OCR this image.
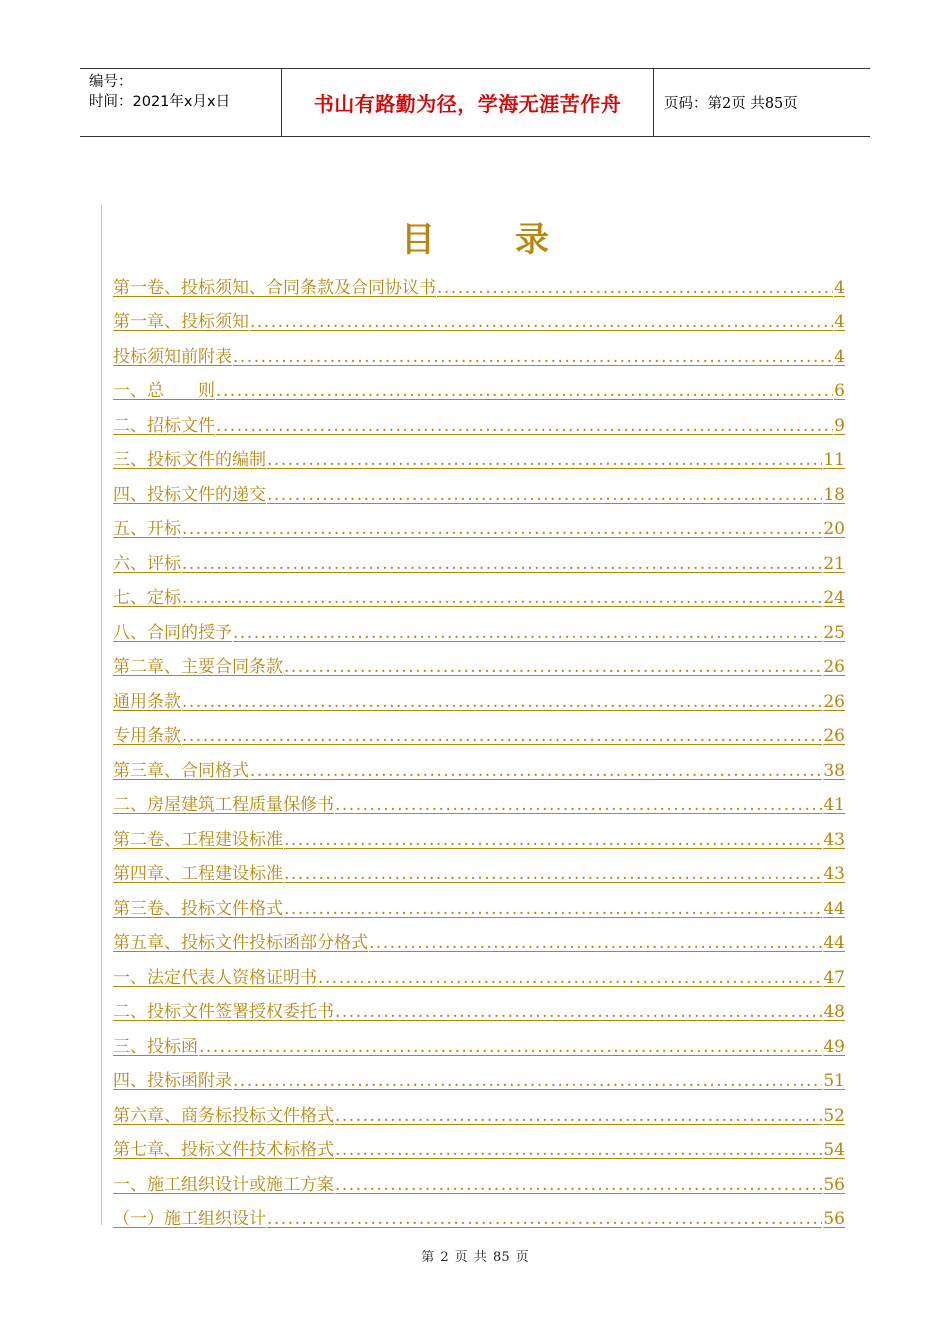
编号：
时间：2021年x月x日	书山有路勤为径，学海无涯苦作舟	页码：第2页 共85页
目录
第一卷、投标须知、合同条款及合同协议书 .....	4
第一章、投标须知 .....	4
投标须知前附表 .....	4
一、总　　则 .....	6
二、招标文件 .....	9
三、投标文件的编制 .....	11
四、投标文件的递交 .....	18
五、开标 .....	20
六、评标 .....	21
七、定标 .....	24
八、合同的授予 .....	25
第二章、主要合同条款 .....	26
通用条款 .....	26
专用条款 .....	26
第三章、合同格式 .....	38
二、房屋建筑工程质量保修书 .....	41
第二卷、工程建设标准 .....	43
第四章、工程建设标准 .....	43
第三卷、投标文件格式 .....	44
第五章、投标文件投标函部分格式 .....	44
一、法定代表人资格证明书 .....	47
二、投标文件签署授权委托书 .....	48
三、投标函 .....	49
四、投标函附录 .....	51
第六章、商务标投标文件格式 .....	52
第七章、投标文件技术标格式 .....	54
一、施工组织设计或施工方案 .....	56
（一）施工组织设计 .....	56
第 2 页 共 85 页
